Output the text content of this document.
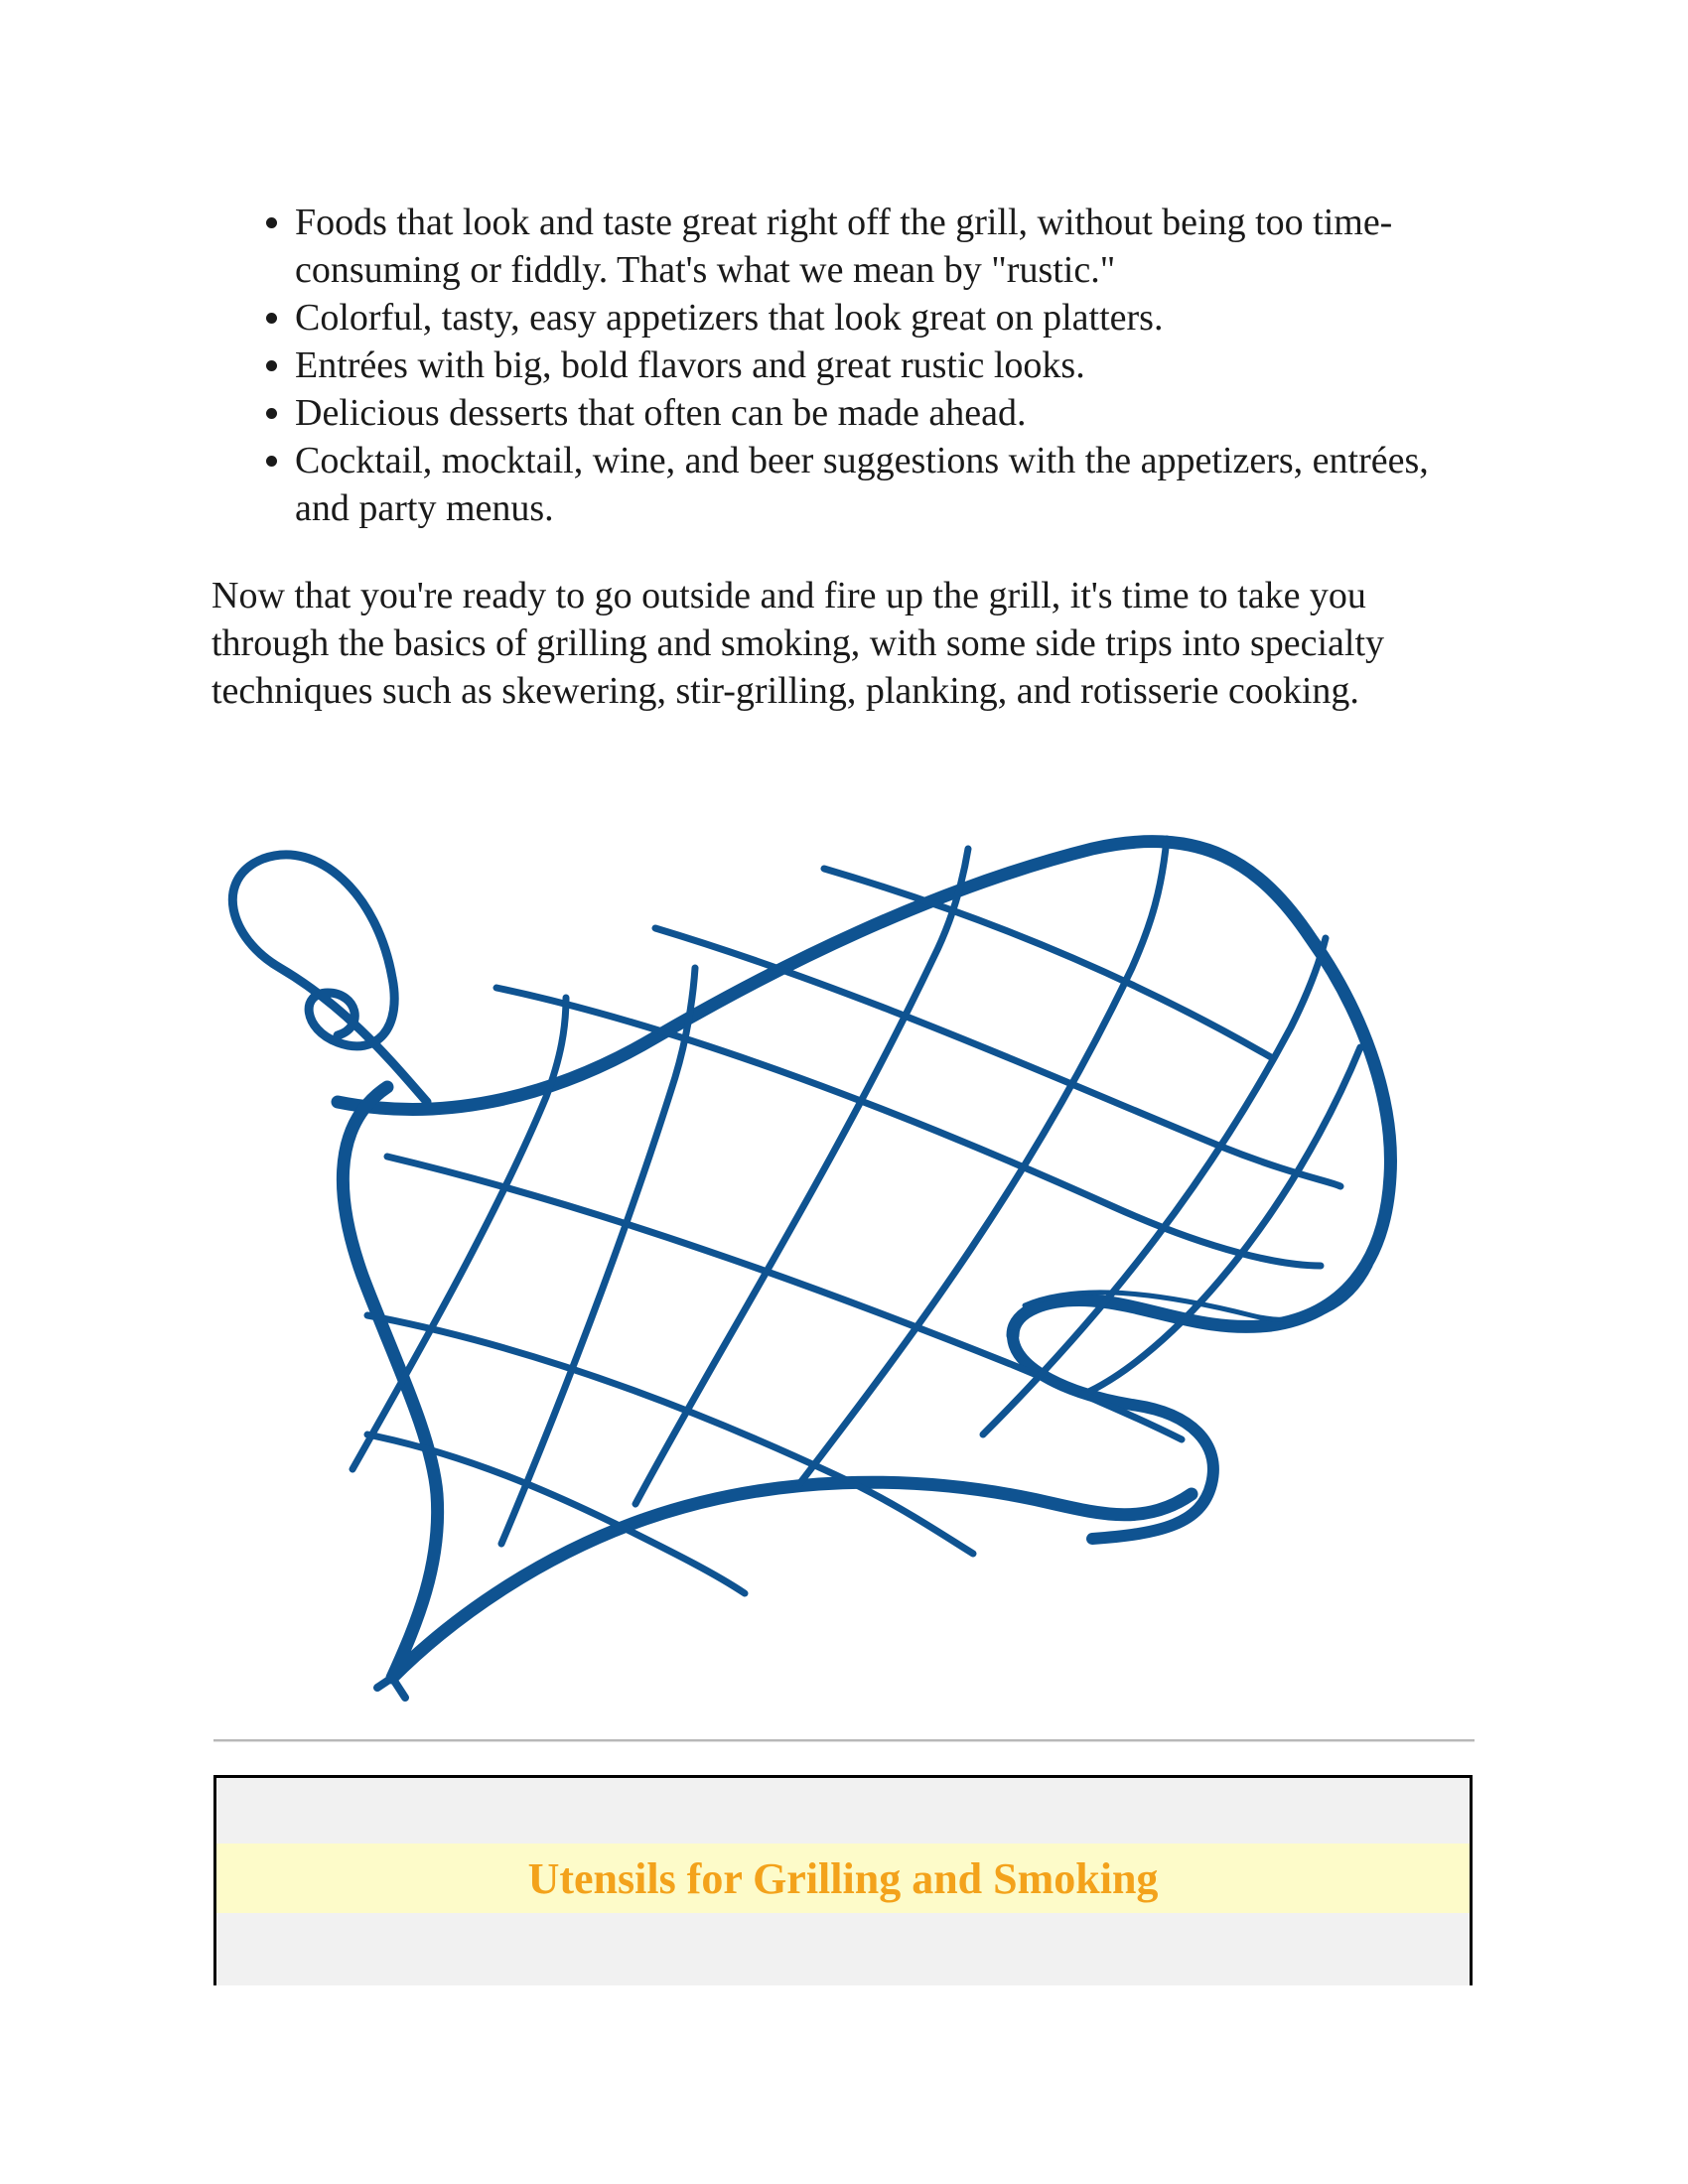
• Foods that look and taste great right off the grill, without being too time-consuming or fiddly. That's what we mean by "rustic."
• Colorful, tasty, easy appetizers that look great on platters.
• Entrées with big, bold flavors and great rustic looks.
• Delicious desserts that often can be made ahead.
• Cocktail, mocktail, wine, and beer suggestions with the appetizers, entrées, and party menus.

Now that you're ready to go outside and fire up the grill, it's time to take you through the basics of grilling and smoking, with some side trips into specialty techniques such as skewering, stir-grilling, planking, and rotisserie cooking.

Utensils for Grilling and Smoking
